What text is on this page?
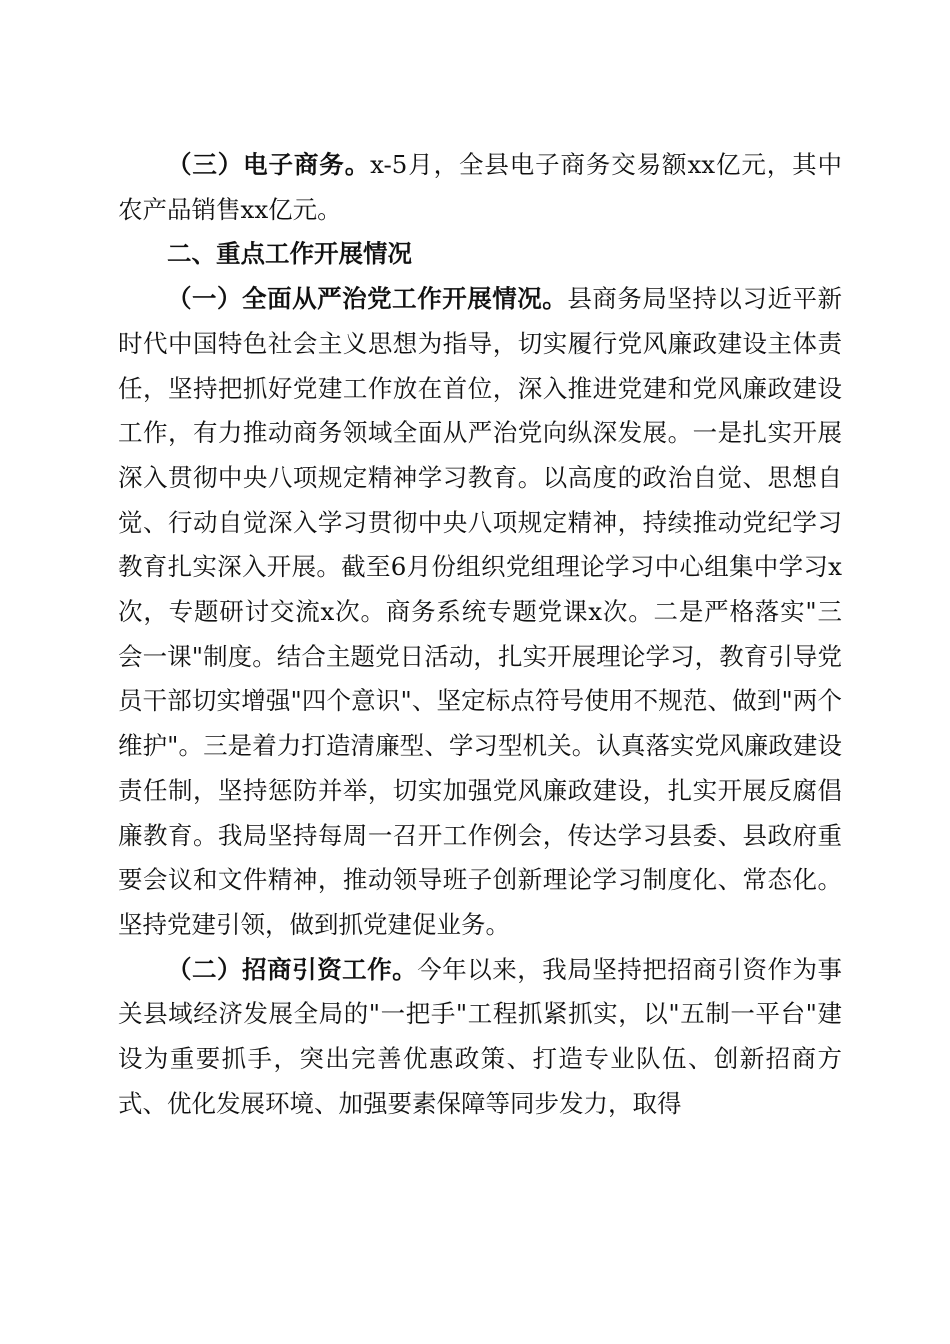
（三）电子商务。x-5月，全县电子商务交易额xx亿元，其中农产品销售xx亿元。

二、重点工作开展情况

（一）全面从严治党工作开展情况。县商务局坚持以习近平新时代中国特色社会主义思想为指导，切实履行党风廉政建设主体责任，坚持把抓好党建工作放在首位，深入推进党建和党风廉政建设工作，有力推动商务领域全面从严治党向纵深发展。一是扎实开展深入贯彻中央八项规定精神学习教育。以高度的政治自觉、思想自觉、行动自觉深入学习贯彻中央八项规定精神，持续推动党纪学习教育扎实深入开展。截至6月份组织党组理论学习中心组集中学习x次，专题研讨交流x次。商务系统专题党课x次。二是严格落实"三会一课"制度。结合主题党日活动，扎实开展理论学习，教育引导党员干部切实增强"四个意识"、坚定标点符号使用不规范、做到"两个维护"。三是着力打造清廉型、学习型机关。认真落实党风廉政建设责任制，坚持惩防并举，切实加强党风廉政建设，扎实开展反腐倡廉教育。我局坚持每周一召开工作例会，传达学习县委、县政府重要会议和文件精神，推动领导班子创新理论学习制度化、常态化。坚持党建引领，做到抓党建促业务。

（二）招商引资工作。今年以来，我局坚持把招商引资作为事关县域经济发展全局的"一把手"工程抓紧抓实，以"五制一平台"建设为重要抓手，突出完善优惠政策、打造专业队伍、创新招商方式、优化发展环境、加强要素保障等同步发力，取得
